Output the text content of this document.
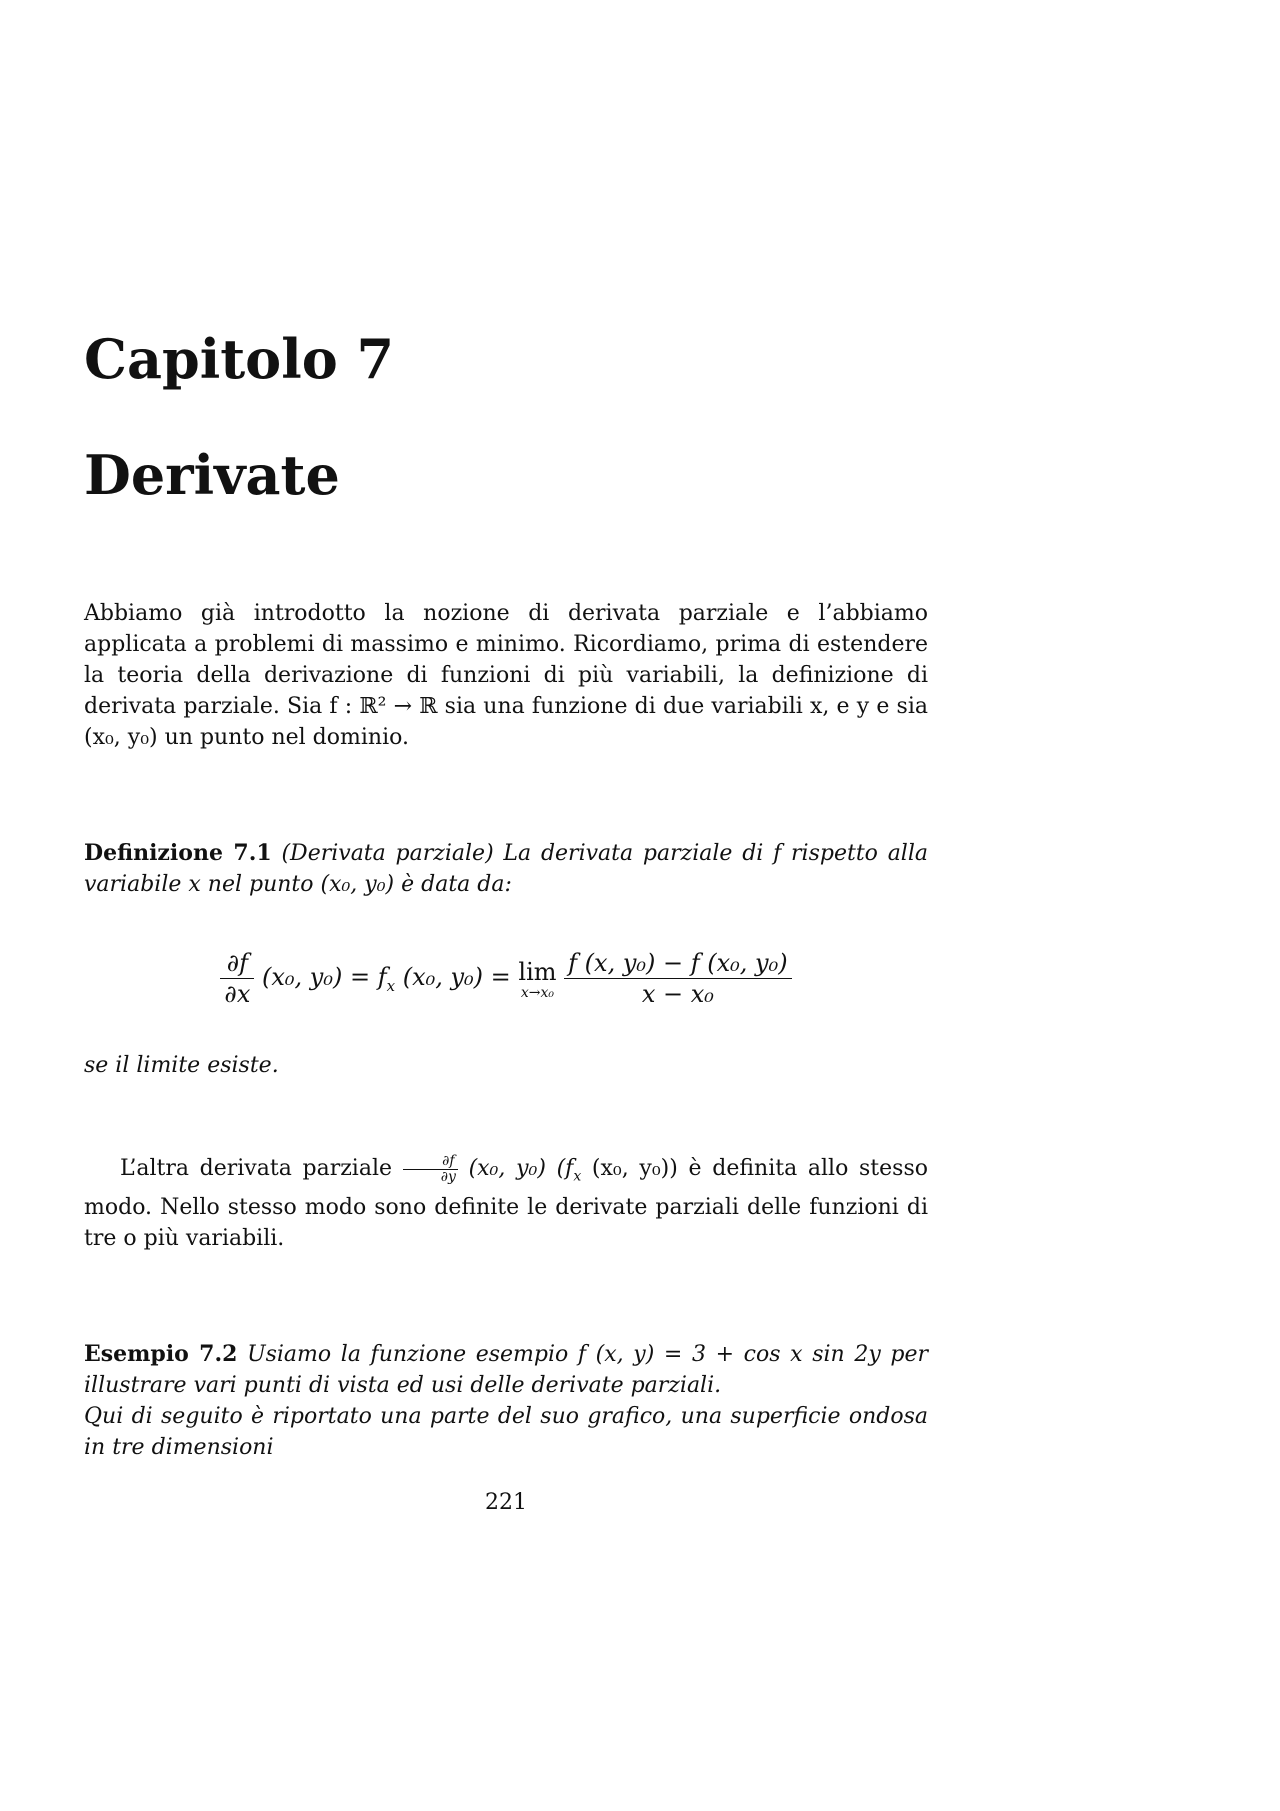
Capitolo 7
Derivate

Abbiamo già introdotto la nozione di derivata parziale e l’abbiamo applicata a problemi di massimo e minimo. Ricordiamo, prima di estendere la teoria della derivazione di funzioni di più variabili, la definizione di derivata parziale. Sia f : ℝ² → ℝ sia una funzione di due variabili x, e y e sia (x₀, y₀) un punto nel dominio.

Definizione 7.1 (Derivata parziale) La derivata parziale di f rispetto alla variabile x nel punto (x₀, y₀) è data da:

$\frac{\partial f}{\partial x} (x_0$, $y_0) = f_x$ (x₀, y₀) = lim
x→x₀
$\frac{\text{f (x, y₀) − f (x₀, y₀)}}{\text{x − x₀}}$

se il limite esiste.

L’altra derivata parziale $\frac{\partial f}{\partial y} (x_0$, y₀) ($f_x$ (x₀, y₀)) è definita allo stesso modo. Nello stesso modo sono definite le derivate parziali delle funzioni di tre o più variabili.

Esempio 7.2 Usiamo la funzione esempio f (x, y) = 3 + cos x sin 2y per illustrare vari punti di vista ed usi delle derivate parziali.
Qui di seguito è riportato una parte del suo grafico, una superficie ondosa in tre dimensioni

221
